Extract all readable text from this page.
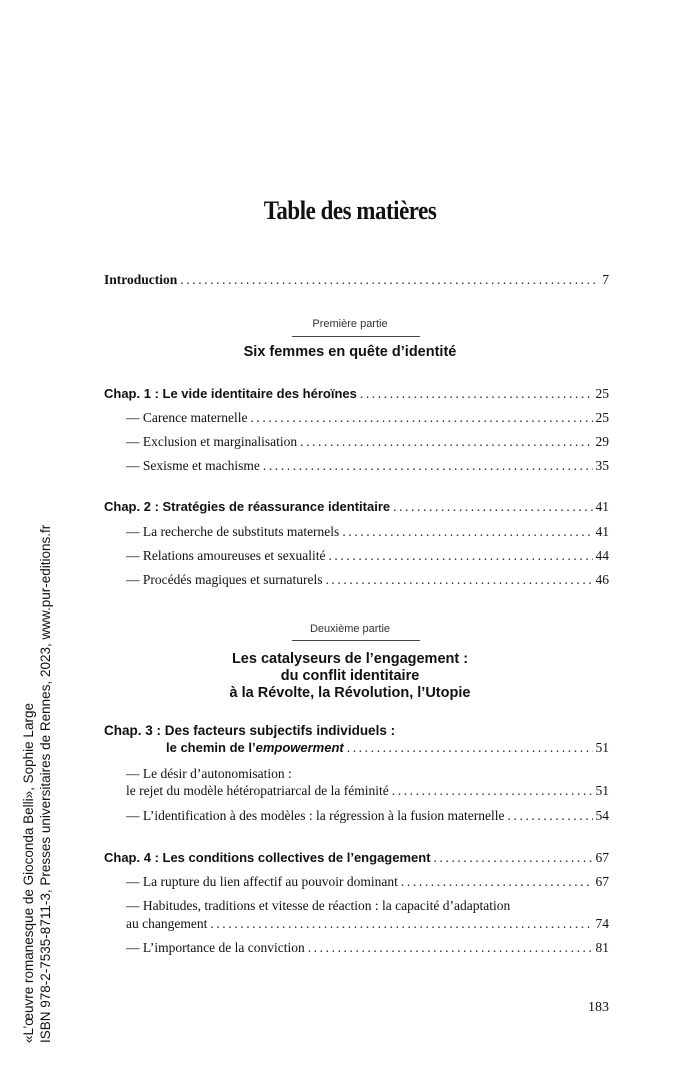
Table des matières
Introduction .....	7
Première partie
Six femmes en quête d’identité
Chap. 1 : Le vide identitaire des héroïnes .....	25
— Carence maternelle .....	25
— Exclusion et marginalisation .....	29
— Sexisme et machisme .....	35
Chap. 2 : Stratégies de réassurance identitaire .....	41
— La recherche de substituts maternels .....	41
— Relations amoureuses et sexualité .....	44
— Procédés magiques et surnaturels .....	46
Deuxième partie
Les catalyseurs de l’engagement :
du conflit identitaire
à la Révolte, la Révolution, l’Utopie
Chap. 3 : Des facteurs subjectifs individuels :
le chemin de l’empowerment .....	51
— Le désir d’autonomisation :
le rejet du modèle hétéropatriarcal de la féminité .....	51
— L’identification à des modèles : la régression à la fusion maternelle .....	54
Chap. 4 : Les conditions collectives de l’engagement .....	67
— La rupture du lien affectif au pouvoir dominant .....	67
— Habitudes, traditions et vitesse de réaction : la capacité d’adaptation
au changement .....	74
— L’importance de la conviction .....	81
183
«L’œuvre romanesque de Gioconda Belli», Sophie Large ISBN 978-2-7535-8711-3, Presses universitaires de Rennes, 2023, www.pur-editions.fr
